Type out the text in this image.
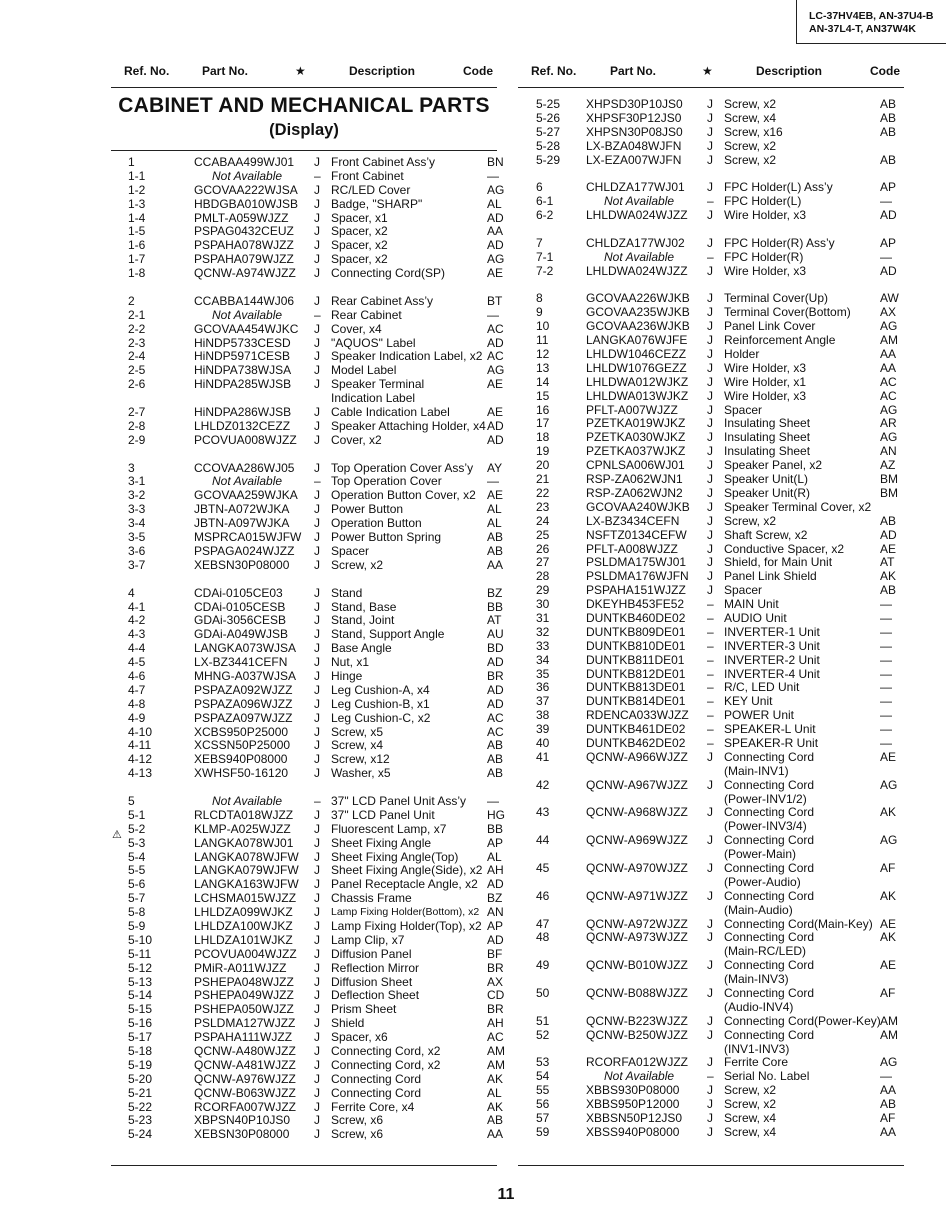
LC-37HV4EB, AN-37U4-B
AN-37L4-T, AN37W4K
Ref. No.	Part No.	★	Description	Code	Ref. No.	Part No.	★	Description	Code
CABINET AND MECHANICAL PARTS
(Display)
1	CCABAA499WJ01 J Front Cabinet Ass’y	BN
1-1	Not Available	– Front Cabinet	—
1-2	GCOVAA222WJSA J RC/LED Cover	AG
1-3	HBDGBA010WJSB J Badge, "SHARP"	AL
1-4	PMLT-A059WJZZ J Spacer, x1	AD
1-5	PSPAG0432CEUZ J Spacer, x2	AA
1-6	PSPAHA078WJZZ J Spacer, x2	AD
1-7	PSPAHA079WJZZ J Spacer, x2	AG
1-8	QCNW-A974WJZZ J Connecting Cord(SP)	AE
2	CCABBA144WJ06 J Rear Cabinet Ass’y	BT
2-1	Not Available	– Rear Cabinet	—
2-2	GCOVAA454WJKC J Cover, x4	AC
2-3	HiNDP5733CESD J "AQUOS" Label	AD
2-4	HiNDP5971CESB J Speaker Indication Label, x2 AC
2-5	HiNDPA738WJSA J Model Label	AG
2-6	HiNDPA285WJSB J Speaker Terminal	AE
Indication Label
2-7	HiNDPA286WJSB J Cable Indication Label	AE
2-8	LHLDZ0132CEZZ J Speaker Attaching Holder, x4 AD
2-9	PCOVUA008WJZZ J Cover, x2	AD
3	CCOVAA286WJ05 J Top Operation Cover Ass’y AY
3-1	Not Available	– Top Operation Cover	—
3-2	GCOVAA259WJKA J Operation Button Cover, x2 AE
3-3	JBTN-A072WJKA J Power Button	AL
3-4	JBTN-A097WJKA J Operation Button	AL
3-5	MSPRCA015WJFW J Power Button Spring	AB
3-6	PSPAGA024WJZZ J Spacer	AB
3-7	XEBSN30P08000 J Screw, x2	AA
4	CDAi-0105CE03	J Stand	BZ
4-1	CDAi-0105CESB J Stand, Base	BB
4-2	GDAi-3056CESB J Stand, Joint	AT
4-3	GDAi-A049WJSB J Stand, Support Angle	AU
4-4	LANGKA073WJSA J Base Angle	BD
4-5	LX-BZ3441CEFN J Nut, x1	AD
4-6	MHNG-A037WJSA J Hinge	BR
4-7	PSPAZA092WJZZ J Leg Cushion-A, x4	AD
4-8	PSPAZA096WJZZ J Leg Cushion-B, x1	AD
4-9	PSPAZA097WJZZ J Leg Cushion-C, x2	AC
4-10	XCBS950P25000 J Screw, x5	AC
4-11	XCSSN50P25000 J Screw, x4	AB
4-12	XEBS940P08000 J Screw, x12	AB
4-13	XWHSF50-16120 J Washer, x5	AB
5	Not Available	– 37" LCD Panel Unit Ass’y —
5-1	RLCDTA018WJZZ J 37" LCD Panel Unit	HG
5-2	KLMP-A025WJZZ J Fluorescent Lamp, x7	BB
5-3	LANGKA078WJ01 J Sheet Fixing Angle	AP
5-4	LANGKA078WJFW J Sheet Fixing Angle(Top) AL
5-5	LANGKA079WJFW J Sheet Fixing Angle(Side), x2 AH
5-6	LANGKA163WJFW J Panel Receptacle Angle, x2 AD
5-7	LCHSMA015WJZZ J Chassis Frame	BZ
5-8	LHLDZA099WJKZ J Lamp Fixing Holder(Bottom), x2 AN
5-9	LHLDZA100WJKZ J Lamp Fixing Holder(Top), x2 AP
5-10	LHLDZA101WJKZ J Lamp Clip, x7	AD
5-11	PCOVUA004WJZZ J Diffusion Panel	BF
5-12	PMiR-A011WJZZ J Reflection Mirror	BR
5-13	PSHEPA048WJZZ J Diffusion Sheet	AX
5-14	PSHEPA049WJZZ J Deflection Sheet	CD
5-15	PSHEPA050WJZZ J Prism Sheet	BR
5-16	PSLDMA127WJZZ J Shield	AH
5-17	PSPAHA111WJZZ J Spacer, x6	AC
5-18	QCNW-A480WJZZ J Connecting Cord, x2	AM
5-19	QCNW-A481WJZZ J Connecting Cord, x2	AM
5-20	QCNW-A976WJZZ J Connecting Cord	AK
5-21	QCNW-B063WJZZ J Connecting Cord	AL
5-22	RCORFA007WJZZ J Ferrite Core, x4	AK
5-23	XBPSN40P10JS0 J Screw, x6	AB
5-24	XEBSN30P08000 J Screw, x6	AA
5-25 XHPSD30P10JS0 J Screw, x2	AB
5-26 XHPSF30P12JS0 J Screw, x4	AB
5-27 XHPSN30P08JS0 J Screw, x16	AB
5-28 LX-BZA048WJFN J Screw, x2
5-29 LX-EZA007WJFN J Screw, x2	AB
6	CHLDZA177WJ01 J FPC Holder(L) Ass’y	AP
6-1	Not Available	– FPC Holder(L)	—
6-2	LHLDWA024WJZZ J Wire Holder, x3	AD
7	CHLDZA177WJ02 J FPC Holder(R) Ass’y	AP
7-1	Not Available	– FPC Holder(R)	—
7-2	LHLDWA024WJZZ J Wire Holder, x3	AD
8	GCOVAA226WJKB J Terminal Cover(Up)	AW
9	GCOVAA235WJKB J Terminal Cover(Bottom) AX
10	GCOVAA236WJKB J Panel Link Cover	AG
11	LANGKA076WJFE J Reinforcement Angle	AM
12	LHLDW1046CEZZ J Holder	AA
13	LHLDW1076GEZZ J Wire Holder, x3	AA
14	LHLDWA012WJKZ J Wire Holder, x1	AC
15	LHLDWA013WJKZ J Wire Holder, x3	AC
16	PFLT-A007WJZZ J Spacer	AG
17	PZETKA019WJKZ J Insulating Sheet	AR
18	PZETKA030WJKZ J Insulating Sheet	AG
19	PZETKA037WJKZ J Insulating Sheet	AN
20	CPNLSA006WJ01 J Speaker Panel, x2	AZ
21	RSP-ZA062WJN1 J Speaker Unit(L)	BM
22	RSP-ZA062WJN2 J Speaker Unit(R)	BM
23	GCOVAA240WJKB J Speaker Terminal Cover, x2
24	LX-BZ3434CEFN J Screw, x2	AB
25	NSFTZ0134CEFW J Shaft Screw, x2	AD
26	PFLT-A008WJZZ J Conductive Spacer, x2	AE
27	PSLDMA175WJ01 J Shield, for Main Unit	AT
28	PSLDMA176WJFN J Panel Link Shield	AK
29	PSPAHA151WJZZ J Spacer	AB
30	DKEYHB453FE52 – MAIN Unit	—
31	DUNTKB460DE02 – AUDIO Unit	—
32	DUNTKB809DE01 – INVERTER-1 Unit	—
33	DUNTKB810DE01 – INVERTER-3 Unit	—
34	DUNTKB811DE01 – INVERTER-2 Unit	—
35	DUNTKB812DE01 – INVERTER-4 Unit	—
36	DUNTKB813DE01 – R/C, LED Unit	—
37	DUNTKB814DE01 – KEY Unit	—
38	RDENCA033WJZZ – POWER Unit	—
39	DUNTKB461DE02 – SPEAKER-L Unit	—
40	DUNTKB462DE02 – SPEAKER-R Unit	—
41	QCNW-A966WJZZ J Connecting Cord	AE
(Main-INV1)
42	QCNW-A967WJZZ J Connecting Cord	AG
(Power-INV1/2)
43	QCNW-A968WJZZ J Connecting Cord	AK
(Power-INV3/4)
44	QCNW-A969WJZZ J Connecting Cord	AG
(Power-Main)
45	QCNW-A970WJZZ J Connecting Cord	AF
(Power-Audio)
46	QCNW-A971WJZZ J Connecting Cord	AK
(Main-Audio)
47	QCNW-A972WJZZ J Connecting Cord(Main-Key) AE
48	QCNW-A973WJZZ J Connecting Cord	AK
(Main-RC/LED)
49	QCNW-B010WJZZ J Connecting Cord	AE
(Main-INV3)
50	QCNW-B088WJZZ J Connecting Cord	AF
(Audio-INV4)
51	QCNW-B223WJZZ J Connecting Cord(Power-Key) AM
52	QCNW-B250WJZZ J Connecting Cord	AM
(INV1-INV3)
53	RCORFA012WJZZ J Ferrite Core	AG
54	Not Available	– Serial No. Label	—
55	XBBS930P08000 J Screw, x2	AA
56	XBBS950P12000 J Screw, x2	AB
57	XBBSN50P12JS0 J Screw, x4	AF
59	XBSS940P08000 J Screw, x4	AA
⚠
11
